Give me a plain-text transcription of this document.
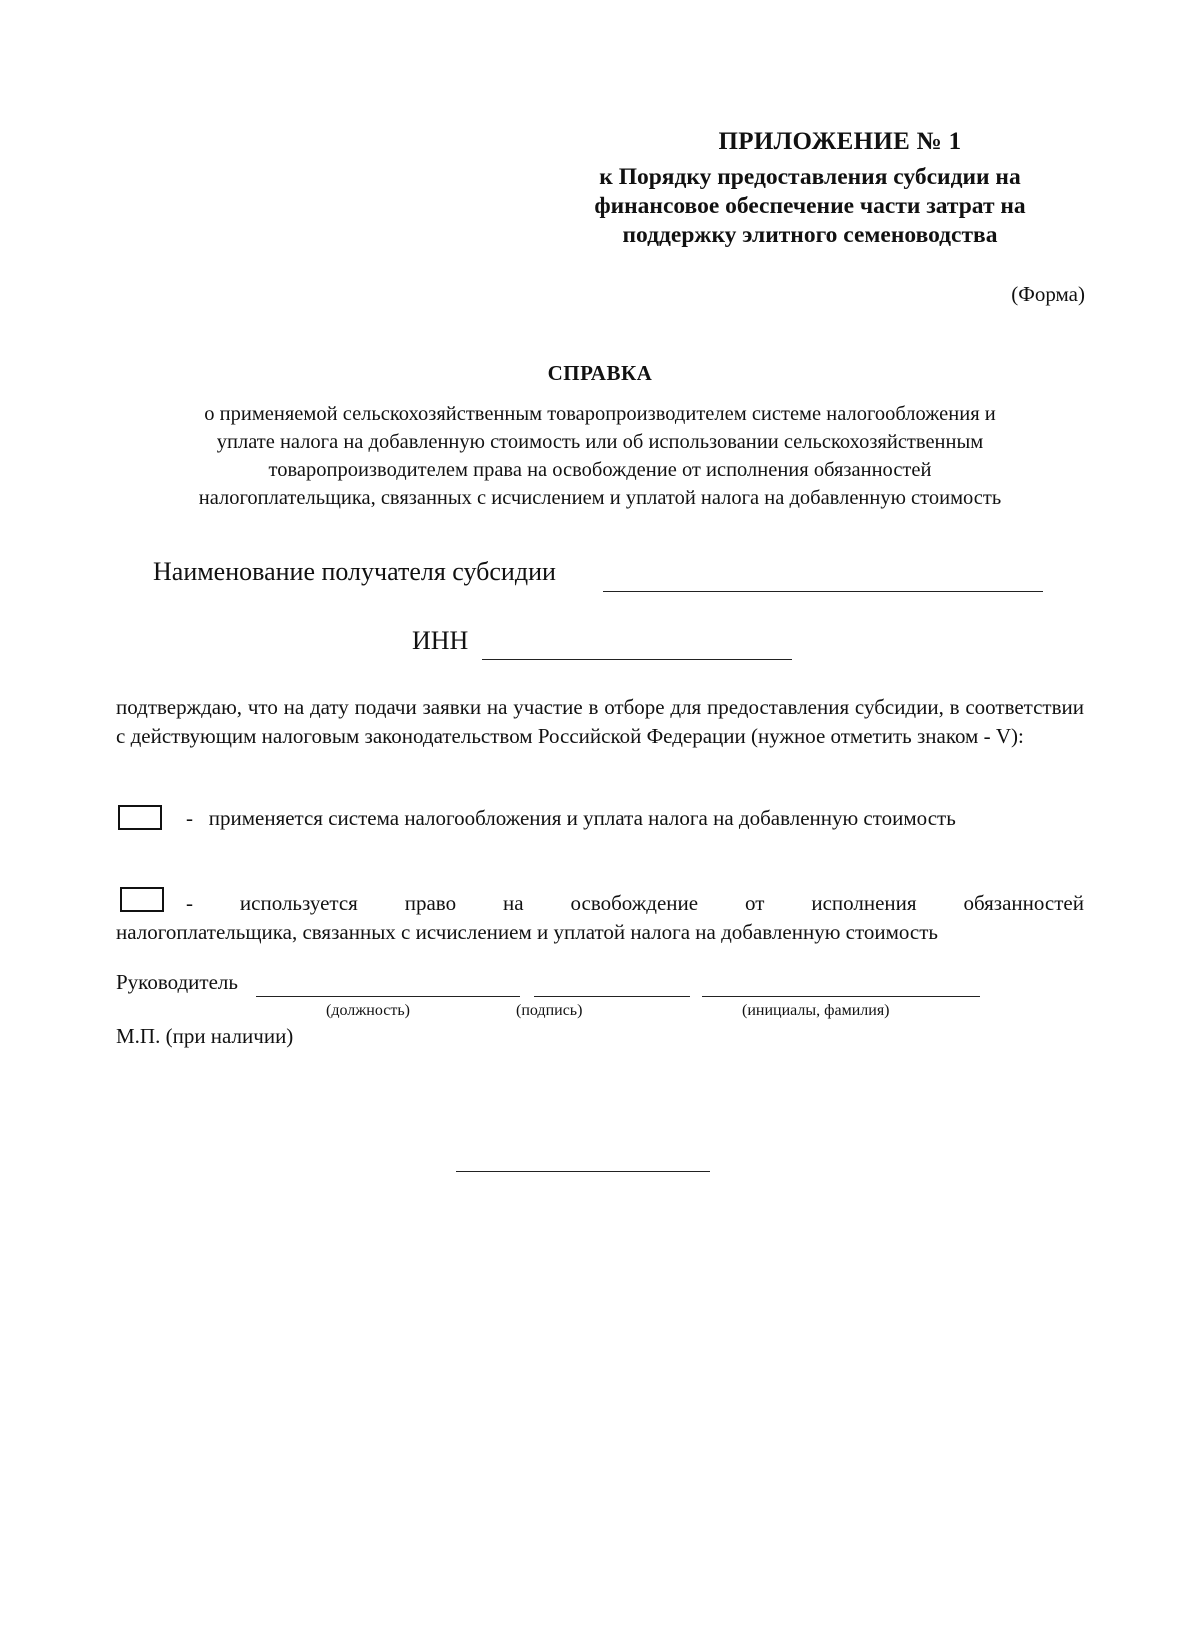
ПРИЛОЖЕНИЕ № 1
к Порядку предоставления субсидии на
финансовое обеспечение части затрат на
поддержку элитного семеноводства
(Форма)
СПРАВКА
о применяемой сельскохозяйственным товаропроизводителем системе налогообложения и
уплате налога на добавленную стоимость или об использовании сельскохозяйственным
товаропроизводителем права на освобождение от исполнения обязанностей
налогоплательщика, связанных с исчислением и уплатой налога на добавленную стоимость
Наименование получателя субсидии
ИНН
подтверждаю, что на дату подачи заявки на участие в отборе для предоставления субсидии, в соответствии с действующим налоговым законодательством Российской Федерации (нужное отметить знаком - V):
- применяется система налогообложения и уплата налога на добавленную стоимость
- используется право на освобождение от исполнения обязанностей
налогоплательщика, связанных с исчислением и уплатой налога на добавленную стоимость
Руководитель
(должность)	(подпись)	(инициалы, фамилия)
М.П. (при наличии)
